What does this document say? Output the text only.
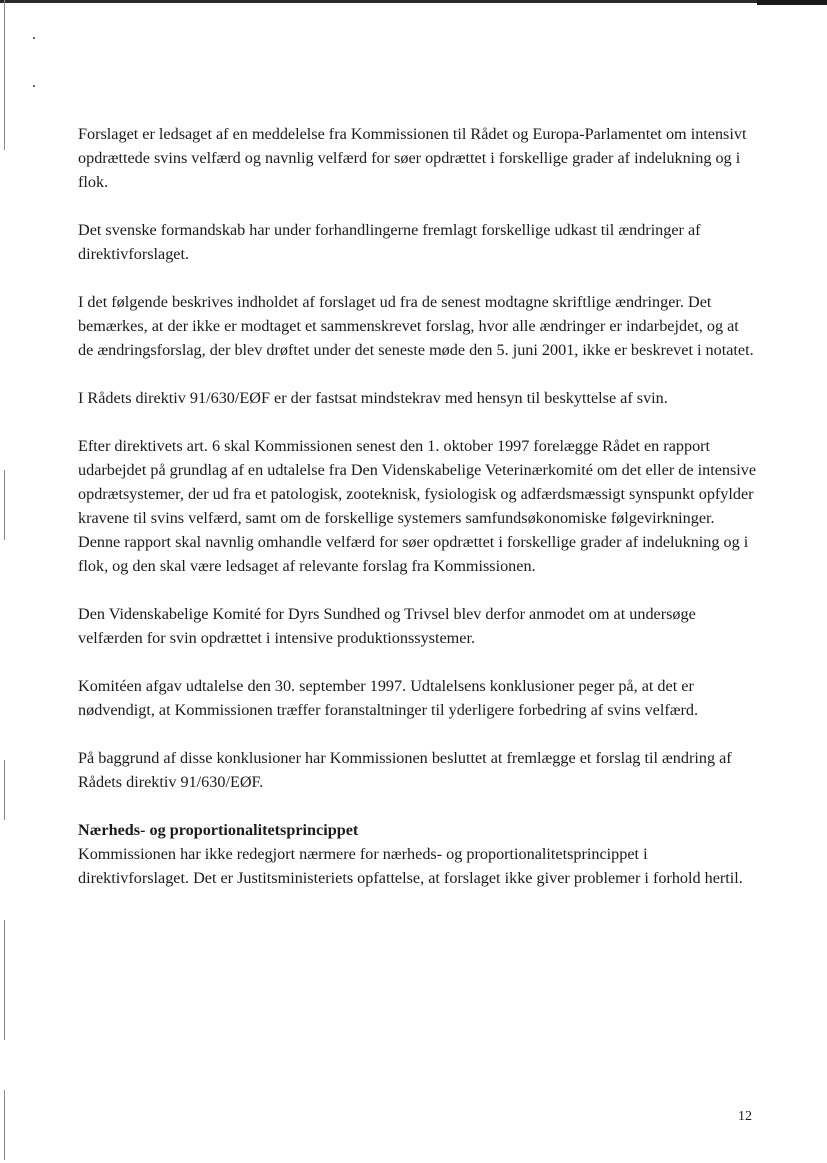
Forslaget er ledsaget af en meddelelse fra Kommissionen til Rådet og Europa-Parlamentet om intensivt opdrættede svins velfærd og navnlig velfærd for søer opdrættet i forskellige grader af indelukning og i flok.

Det svenske formandskab har under forhandlingerne fremlagt forskellige udkast til ændringer af direktivforslaget.

I det følgende beskrives indholdet af forslaget ud fra de senest modtagne skriftlige ændringer. Det bemærkes, at der ikke er modtaget et sammenskrevet forslag, hvor alle ændringer er indarbejdet, og at de ændringsforslag, der blev drøftet under det seneste møde den 5. juni 2001, ikke er beskrevet i notatet.

I Rådets direktiv 91/630/EØF er der fastsat mindstekrav med hensyn til beskyttelse af svin.

Efter direktivets art. 6 skal Kommissionen senest den 1. oktober 1997 forelægge Rådet en rapport udarbejdet på grundlag af en udtalelse fra Den Videnskabelige Veterinærkomité om det eller de intensive opdrætsystemer, der ud fra et patologisk, zooteknisk, fysiologisk og adfærdsmæssigt synspunkt opfylder kravene til svins velfærd, samt om de forskellige systemers samfundsøkonomiske følgevirkninger. Denne rapport skal navnlig omhandle velfærd for søer opdrættet i forskellige grader af indelukning og i flok, og den skal være ledsaget af relevante forslag fra Kommissionen.

Den Videnskabelige Komité for Dyrs Sundhed og Trivsel blev derfor anmodet om at undersøge velfærden for svin opdrættet i intensive produktionssystemer.

Komitéen afgav udtalelse den 30. september 1997. Udtalelsens konklusioner peger på, at det er nødvendigt, at Kommissionen træffer foranstaltninger til yderligere forbedring af svins velfærd.

På baggrund af disse konklusioner har Kommissionen besluttet at fremlægge et forslag til ændring af Rådets direktiv 91/630/EØF.

Nærheds- og proportionalitetsprincippet

Kommissionen har ikke redegjort nærmere for nærheds- og proportionalitetsprincippet i direktivforslaget. Det er Justitsministeriets opfattelse, at forslaget ikke giver problemer i forhold hertil.

12
